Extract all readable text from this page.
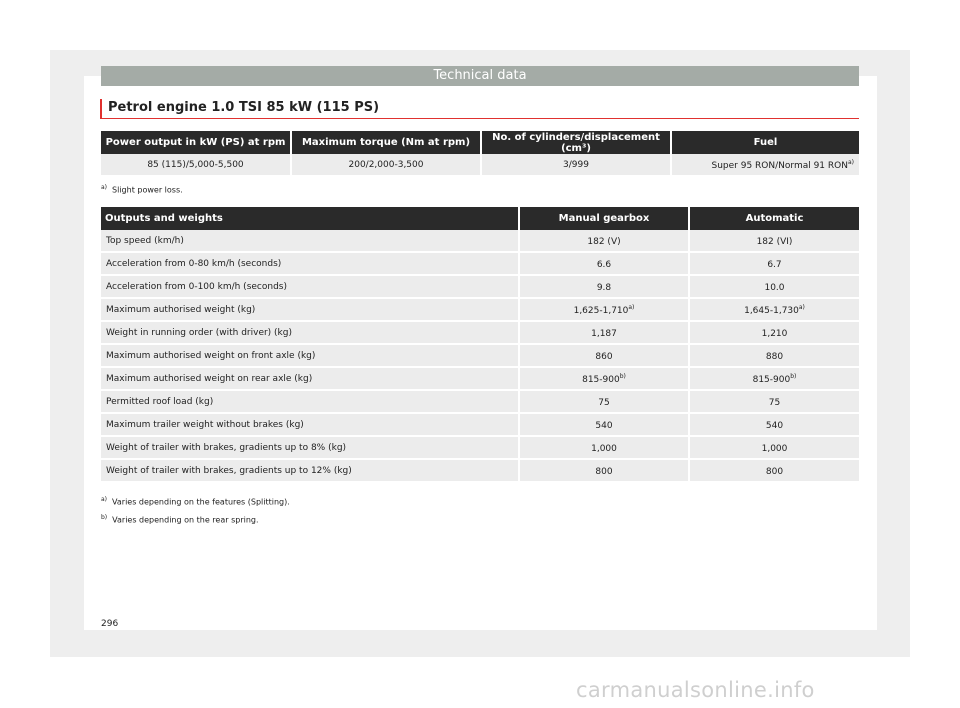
Technical data
Petrol engine 1.0 TSI 85 kW (115 PS)
Power output in kW (PS) at rpm	Maximum torque (Nm at rpm)	No. of cylinders/displacement (cm³)	Fuel
85 (115)/5,000-5,500	200/2,000-3,500	3/999	Super 95 RON/Normal 91 RON$^{a)}$
$^{a)}$ Slight power loss.
Outputs and weights	Manual gearbox	Automatic
Top speed (km/h)	182 (V)	182 (VI)
Acceleration from 0-80 km/h (seconds)	6.6	6.7
Acceleration from 0-100 km/h (seconds)	9.8	10.0
Maximum authorised weight (kg)	1,625-1,710$^{a)}$	1,645-1,730$^{a)}$
Weight in running order (with driver) (kg)	1,187	1,210
Maximum authorised weight on front axle (kg)	860	880
Maximum authorised weight on rear axle (kg)	815-900$^{b)}$	815-900$^{b)}$
Permitted roof load (kg)	75	75
Maximum trailer weight without brakes (kg)	540	540
Weight of trailer with brakes, gradients up to 8% (kg)	1,000	1,000
Weight of trailer with brakes, gradients up to 12% (kg)	800	800
$^{a)}$ Varies depending on the features (Splitting).
$^{b)}$ Varies depending on the rear spring.
296
carmanualsonline.info
